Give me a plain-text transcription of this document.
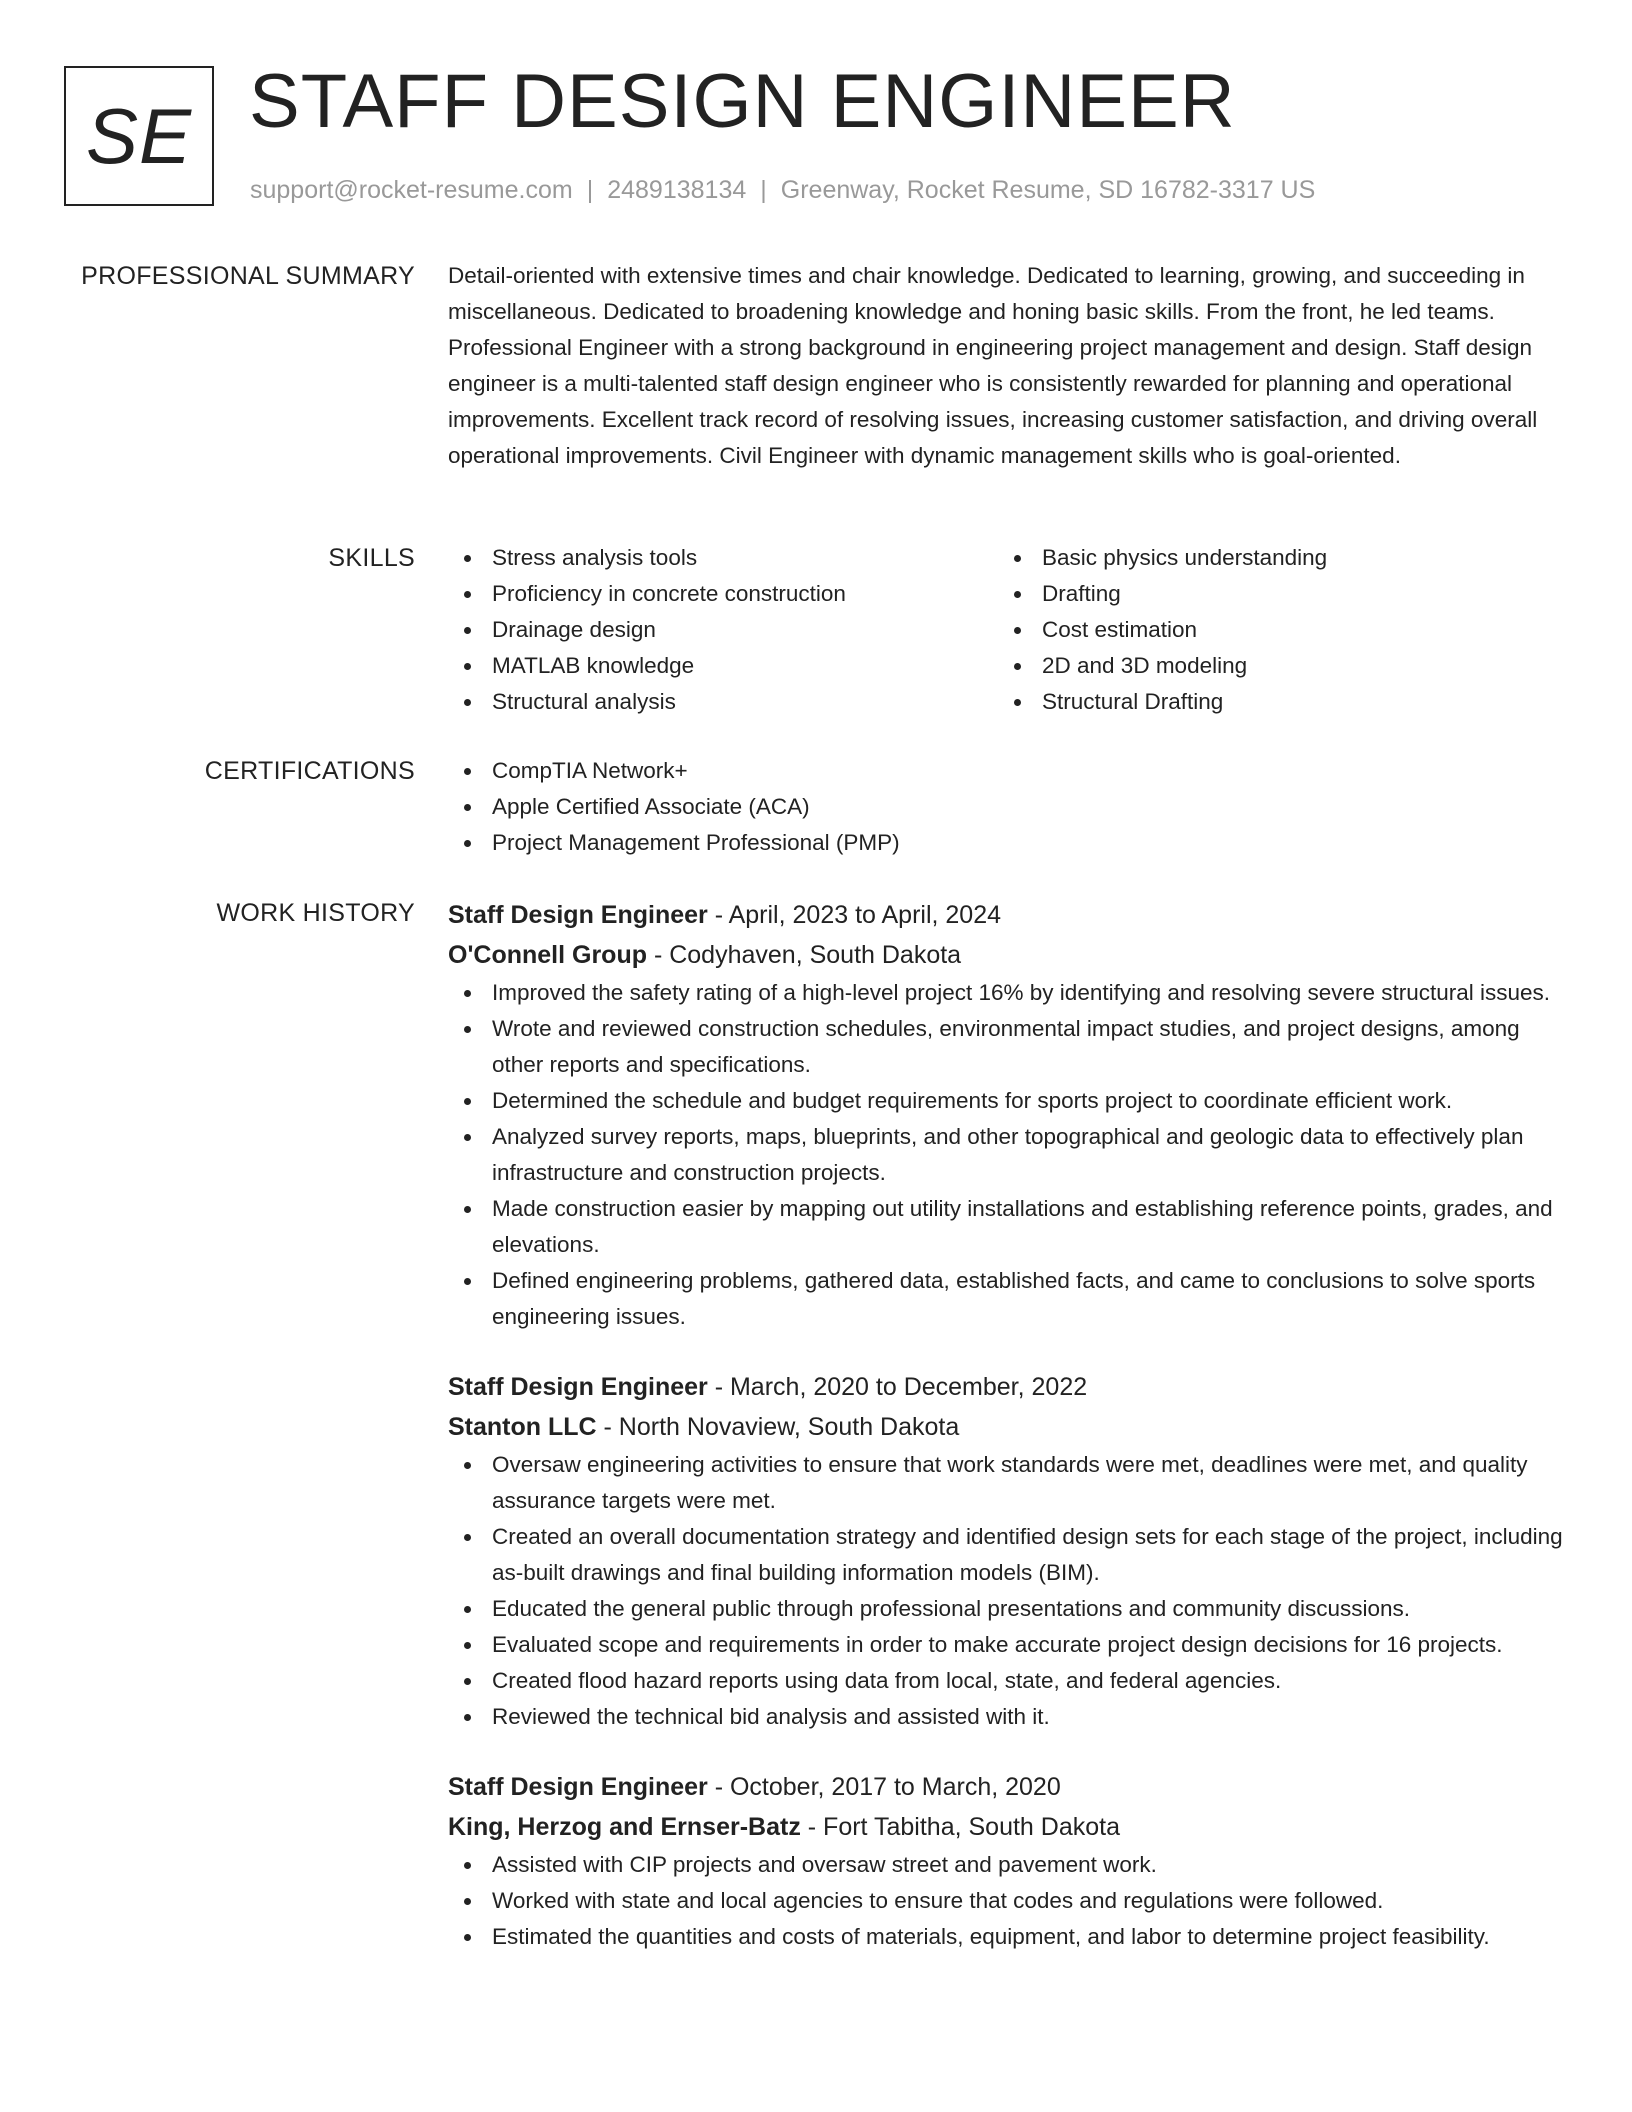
SE STAFF DESIGN ENGINEER
support@rocket-resume.com | 2489138134 | Greenway, Rocket Resume, SD 16782-3317 US
PROFESSIONAL SUMMARY Detail-oriented with extensive times and chair knowledge. Dedicated to learning, growing, and succeeding in miscellaneous. Dedicated to broadening knowledge and honing basic skills. From the front, he led teams. Professional Engineer with a strong background in engineering project management and design. Staff design engineer is a multi-talented staff design engineer who is consistently rewarded for planning and operational improvements. Excellent track record of resolving issues, increasing customer satisfaction, and driving overall operational improvements. Civil Engineer with dynamic management skills who is goal-oriented.
SKILLS	Stress analysis tools
Proficiency in concrete construction
Drainage design
MATLAB knowledge
Structural analysis
Basic physics understanding
Drafting
Cost estimation
2D and 3D modeling
Structural Drafting
CERTIFICATIONS	CompTIA Network+
Apple Certified Associate (ACA)
Project Management Professional (PMP)
WORK HISTORY Staff Design Engineer - April, 2023 to April, 2024
O'Connell Group - Codyhaven, South Dakota
Improved the safety rating of a high-level project 16% by identifying and resolving severe structural issues.
Wrote and reviewed construction schedules, environmental impact studies, and project designs, among other reports and specifications.
Determined the schedule and budget requirements for sports project to coordinate efficient work.
Analyzed survey reports, maps, blueprints, and other topographical and geologic data to effectively plan infrastructure and construction projects.
Made construction easier by mapping out utility installations and establishing reference points, grades, and elevations.
Defined engineering problems, gathered data, established facts, and came to conclusions to solve sports engineering issues.
Staff Design Engineer - March, 2020 to December, 2022
Stanton LLC - North Novaview, South Dakota
Oversaw engineering activities to ensure that work standards were met, deadlines were met, and quality assurance targets were met.
Created an overall documentation strategy and identified design sets for each stage of the project, including as-built drawings and final building information models (BIM).
Educated the general public through professional presentations and community discussions.
Evaluated scope and requirements in order to make accurate project design decisions for 16 projects.
Created flood hazard reports using data from local, state, and federal agencies.
Reviewed the technical bid analysis and assisted with it.
Staff Design Engineer - October, 2017 to March, 2020
King, Herzog and Ernser-Batz - Fort Tabitha, South Dakota
Assisted with CIP projects and oversaw street and pavement work.
Worked with state and local agencies to ensure that codes and regulations were followed.
Estimated the quantities and costs of materials, equipment, and labor to determine project feasibility.
